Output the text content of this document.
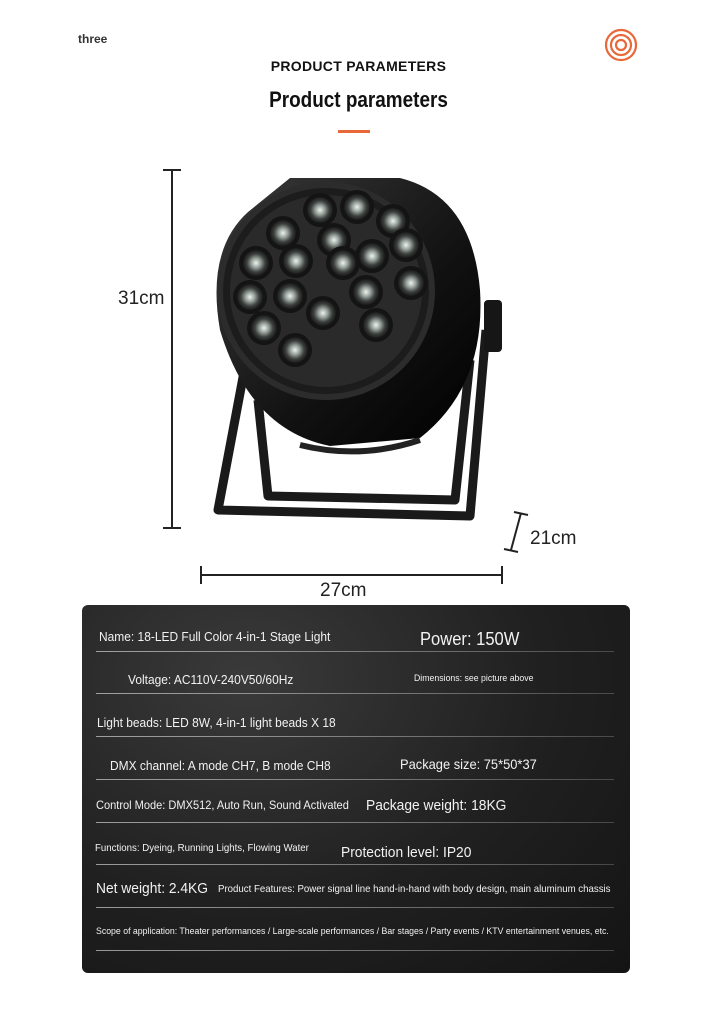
three
PRODUCT PARAMETERS
Product parameters
31cm
27cm
21cm
Name: 18-LED Full Color 4-in-1 Stage Light	Power: 150W
Voltage: AC110V-240V50/60Hz	Dimensions: see picture above
Light beads: LED 8W, 4-in-1 light beads X 18
DMX channel: A mode CH7, B mode CH8	Package size: 75*50*37
Control Mode: DMX512, Auto Run, Sound Activated Package weight: 18KG
Functions: Dyeing, Running Lights, Flowing Water Protection level: IP20
Net weight: 2.4KG Product Features: Power signal line hand-in-hand with body design, main aluminum chassis
Scope of application: Theater performances / Large-scale performances / Bar stages / Party events / KTV entertainment venues, etc.
